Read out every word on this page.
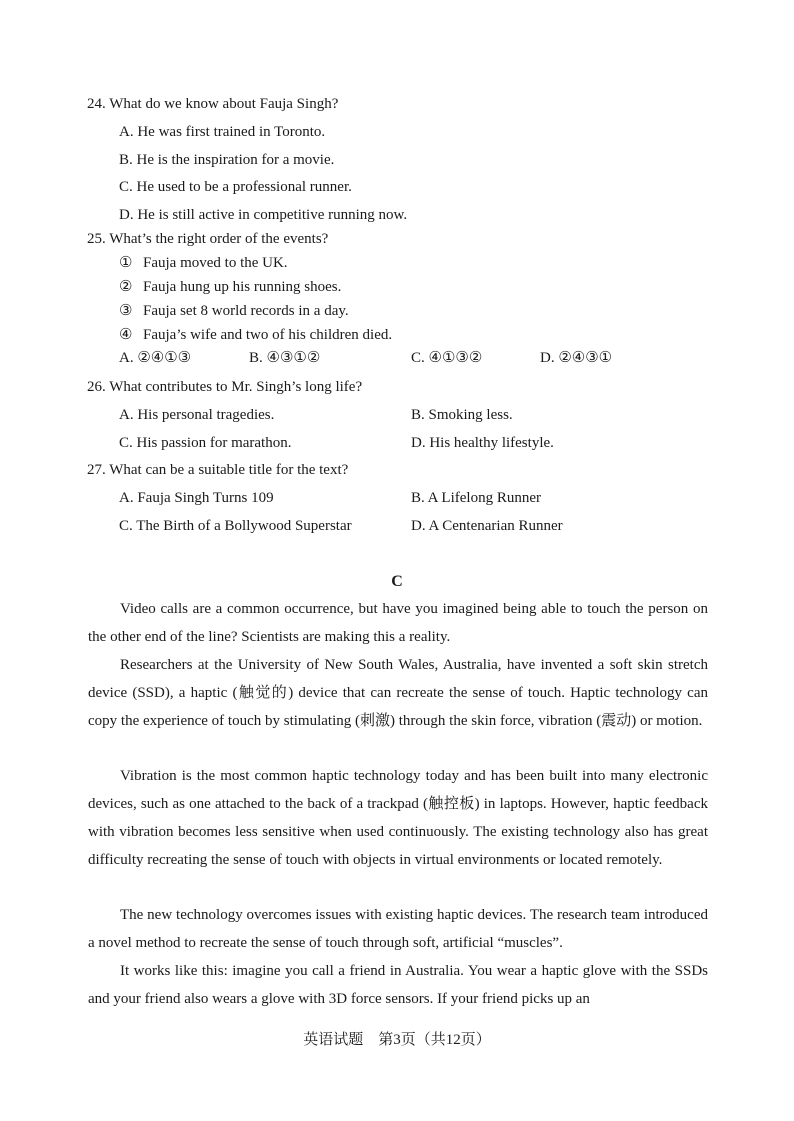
24. What do we know about Fauja Singh?
A. He was first trained in Toronto.
B. He is the inspiration for a movie.
C. He used to be a professional runner.
D. He is still active in competitive running now.
25. What’s the right order of the events?
① Fauja moved to the UK.
② Fauja hung up his running shoes.
③ Fauja set 8 world records in a day.
④ Fauja’s wife and two of his children died.
A. ②④①③	B. ④③①②	C. ④①③②	D. ②④③①
26. What contributes to Mr. Singh’s long life?
A. His personal tragedies.	B. Smoking less.
C. His passion for marathon.	D. His healthy lifestyle.
27. What can be a suitable title for the text?
A. Fauja Singh Turns 109	B. A Lifelong Runner
C. The Birth of a Bollywood Superstar	D. A Centenarian Runner
C
Video calls are a common occurrence, but have you imagined being able to touch the person on the other end of the line? Scientists are making this a reality.
Researchers at the University of New South Wales, Australia, have invented a soft skin stretch device (SSD), a haptic (触觉的) device that can recreate the sense of touch. Haptic technology can copy the experience of touch by stimulating (刺激) through the skin force, vibration (震动) or motion.
Vibration is the most common haptic technology today and has been built into many electronic devices, such as one attached to the back of a trackpad (触控板) in laptops. However, haptic feedback with vibration becomes less sensitive when used continuously. The existing technology also has great difficulty recreating the sense of touch with objects in virtual environments or located remotely.
The new technology overcomes issues with existing haptic devices. The research team introduced a novel method to recreate the sense of touch through soft, artificial “muscles”.
It works like this: imagine you call a friend in Australia. You wear a haptic glove with the SSDs and your friend also wears a glove with 3D force sensors. If your friend picks up an
英语试题　第3页（共12页）
